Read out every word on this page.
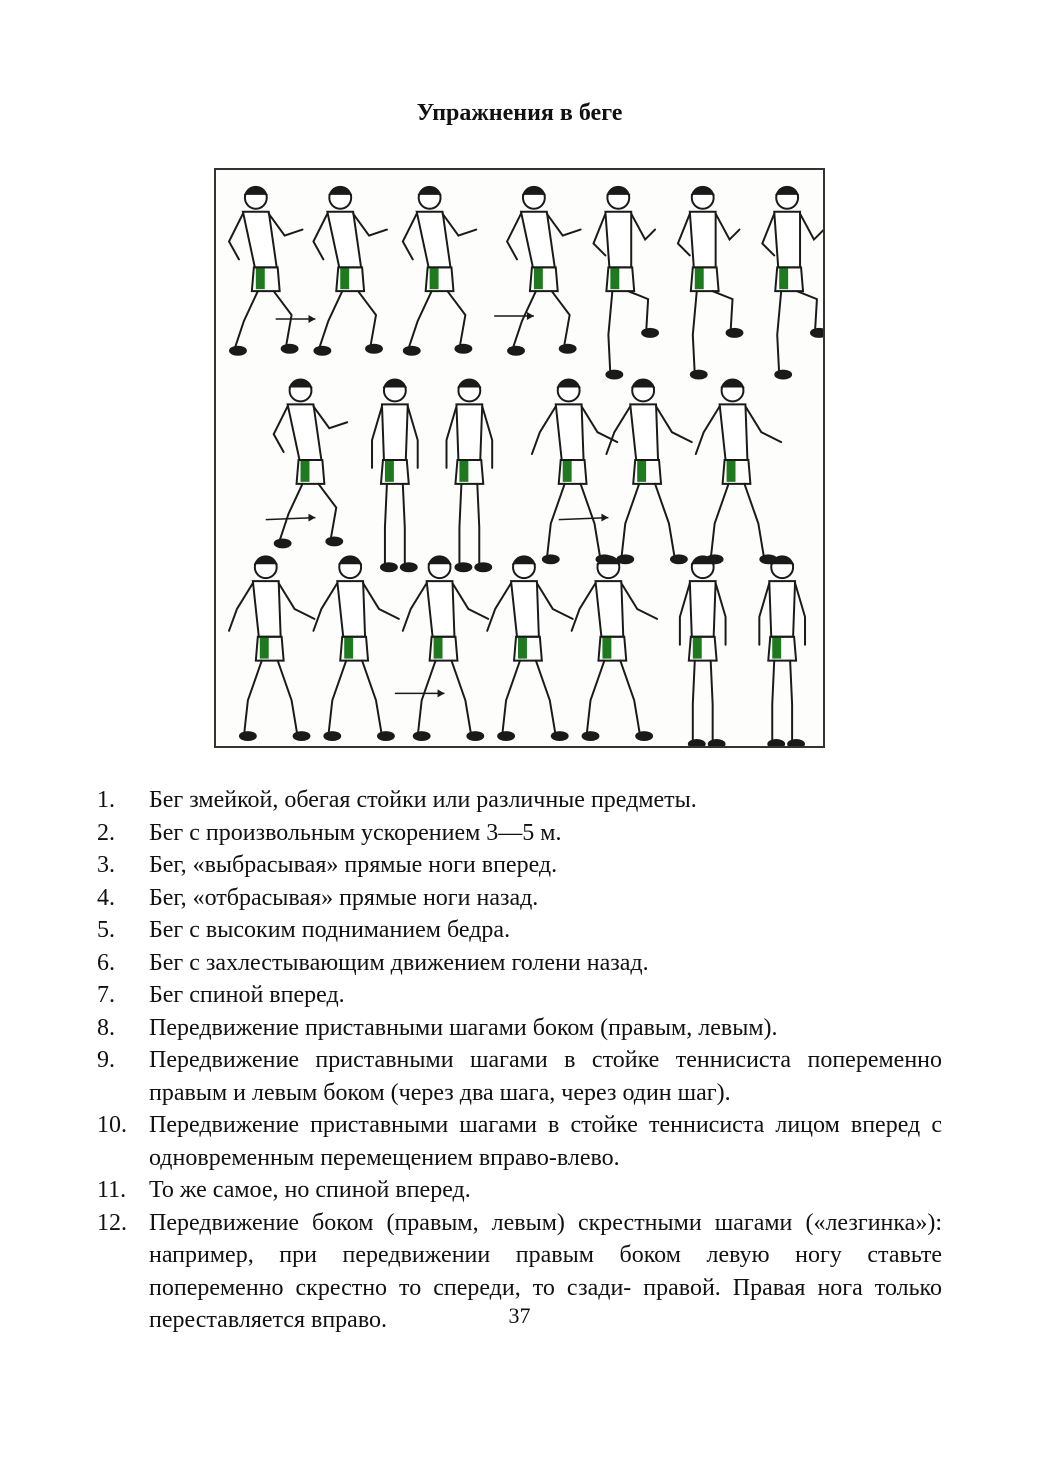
Упражнения в беге
1.	Бег змейкой, обегая стойки или различные предметы.
2.	Бег с произвольным ускорением 3—5 м.
3.	Бег, «выбрасывая» прямые ноги вперед.
4.	Бег, «отбрасывая» прямые ноги назад.
5.	Бег с высоким подниманием бедра.
6.	Бег с захлестывающим движением голени назад.
7.	Бег спиной вперед.
8.	Передвижение приставными шагами боком (правым, левым).
9.	Передвижение приставными шагами в стойке теннисиста попеременно правым и левым боком (через два шага, через один шаг).
10. Передвижение приставными шагами в стойке теннисиста лицом вперед с одновременным перемещением вправо-влево.
11. То же самое, но спиной вперед.
12. Передвижение боком (правым, левым) скрестными шагами («лезгинка»): например, при передвижении правым боком левую ногу ставьте попеременно скрестно то спереди, то сзади- правой. Правая нога только переставляется вправо.	37
